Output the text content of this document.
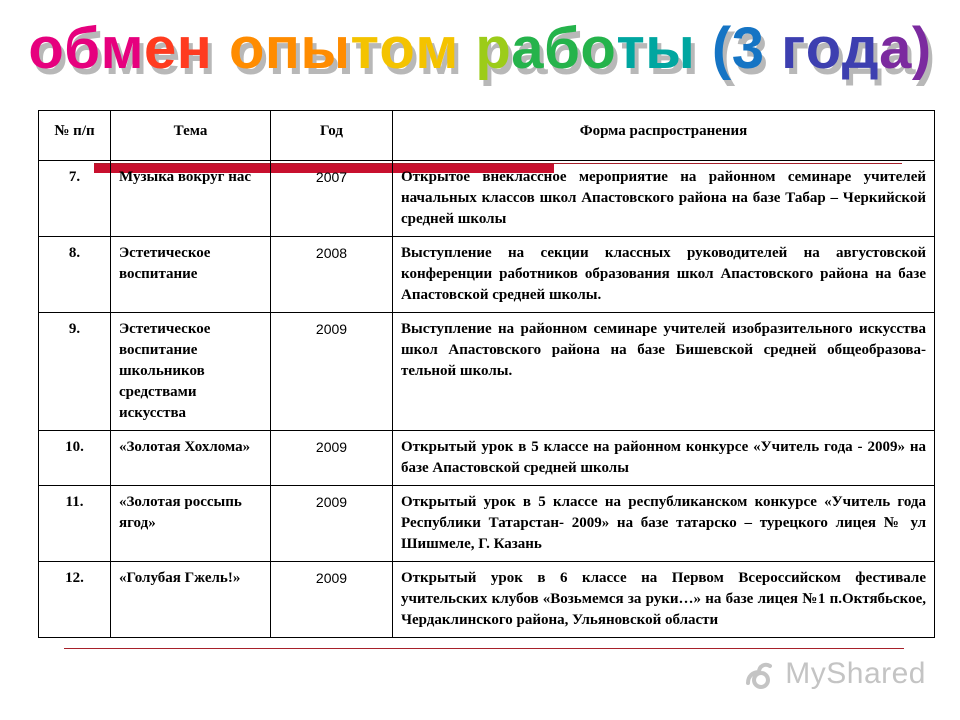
обмен опытом работы (3 года)
№ п/п	Тема	Год	Форма распространения
7.	Музыка вокруг нас	2007	Открытое внеклассное мероприятие на районном семинаре учителей начальных классов школ Апастовского района на базе Табар – Черкийской средней школы
8.	Эстетическое воспитание	2008	Выступление на секции классных руководителей на августовской конференции работников образования школ Апастовского района на базе Апастовской средней школы.
9.	Эстетическое воспитание школьников средствами искусства	2009	Выступление на районном семинаре учителей изобразительного искусства школ Апастовского района на базе Бишевской средней общеобразова- тельной школы.
10.	«Золотая Хохлома»	2009	Открытый урок в 5 классе на районном конкурсе «Учитель года - 2009» на базе Апастовской средней школы
11.	«Золотая россыпь ягод»	2009	Открытый урок в 5 классе на республиканском конкурсе «Учитель года Республики Татарстан- 2009» на базе татарско – турецкого лицея № ул Шишмеле, Г. Казань
12.	«Голубая Гжель!»	2009	Открытый урок в 6 классе на Первом Всероссийском фестивале учительских клубов «Возьмемся за руки…» на базе лицея №1 п.Октябьское, Чердаклинского района, Ульяновской области
MyShared
